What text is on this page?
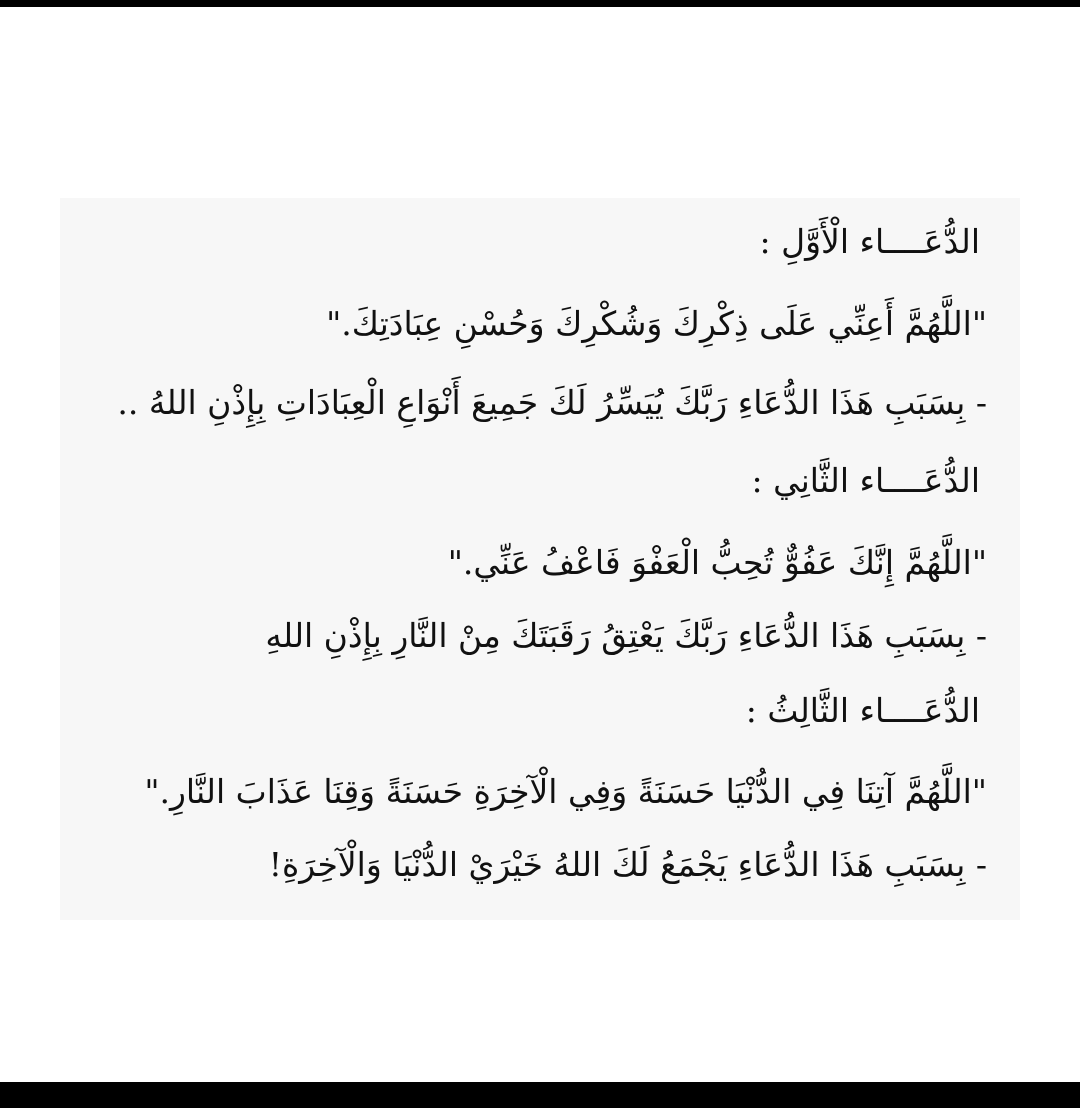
الدُّعَــــاء الْأَوَّلِ :
"اللَّهُمَّ أَعِنِّي عَلَى ذِكْرِكَ وَشُكْرِكَ وَحُسْنِ عِبَادَتِكَ."
- بِسَبَبِ هَذَا الدُّعَاءِ رَبَّكَ يُيَسِّرُ لَكَ جَمِيعَ أَنْوَاعِ الْعِبَادَاتِ بِإِذْنِ اللهُ ..
الدُّعَــــاء الثَّانِي :
"اللَّهُمَّ إِنَّكَ عَفُوٌّ تُحِبُّ الْعَفْوَ فَاعْفُ عَنِّي."
- بِسَبَبِ هَذَا الدُّعَاءِ رَبَّكَ يَعْتِقُ رَقَبَتَكَ مِنْ النَّارِ بِإِذْنِ اللهِ
الدُّعَــــاء الثَّالِثُ :
"اللَّهُمَّ آتِنَا فِي الدُّنْيَا حَسَنَةً وَفِي الْآخِرَةِ حَسَنَةً وَقِنَا عَذَابَ النَّارِ."
- بِسَبَبِ هَذَا الدُّعَاءِ يَجْمَعُ لَكَ اللهُ خَيْرَيْ الدُّنْيَا وَالْآخِرَةِ!
